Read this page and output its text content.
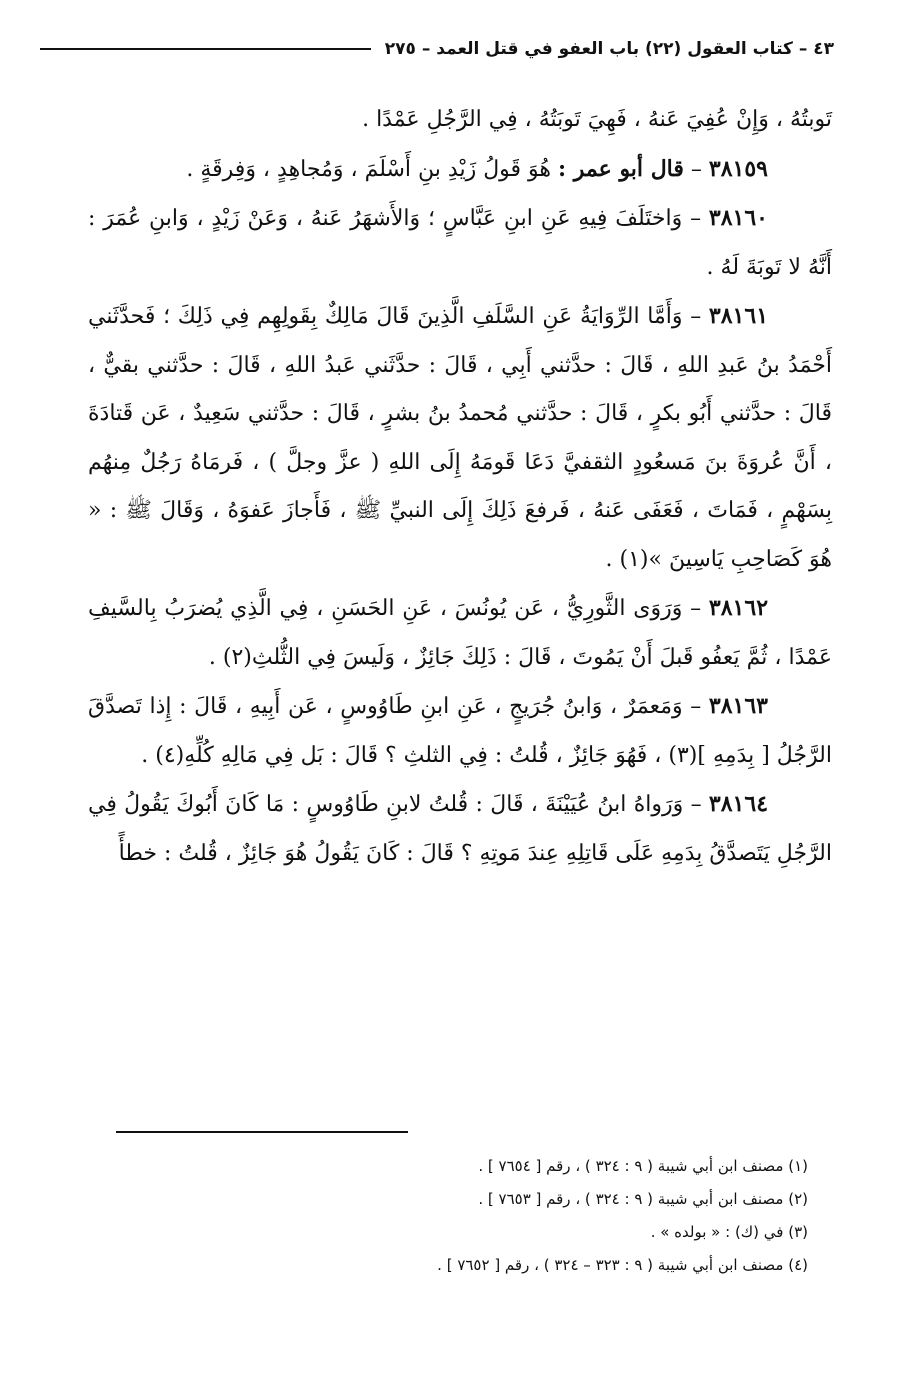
٤٣ – كتاب العقول (٢٢) باب العفو في قتل العمد – ٢٧٥

تَوبتُهُ ، وَإِنْ عُفِيَ عَنهُ ، فَهِيَ تَوبَتُهُ ، فِي الرَّجُلِ عَمْدًا .

٣٨١٥٩ – قال أبو عمر : هُوَ قَولُ زَيْدِ بنِ أَسْلَمَ ، وَمُجاهِدٍ ، وَفِرقَةٍ .

٣٨١٦٠ – وَاختَلَفَ فِيهِ عَنِ ابنِ عَبَّاسٍ ؛ وَالأَشهَرُ عَنهُ ، وَعَنْ زَيْدٍ ، وَابنِ عُمَرَ : أَنَّهُ لا تَوبَةَ لَهُ .

٣٨١٦١ – وَأَمَّا الرِّوَايَةُ عَنِ السَّلَفِ الَّذِينَ قَالَ مَالِكٌ بِقَولِهِم فِي ذَلِكَ ؛ فَحدَّثَني أَحْمَدُ بنُ عَبدِ اللهِ ، قَالَ : حدَّثني أَبِي ، قَالَ : حدَّثَني عَبدُ اللهِ ، قَالَ : حدَّثني بقيٌّ ، قَالَ : حدَّثني أَبُو بكرٍ ، قَالَ : حدَّثني مُحمدُ بنُ بشرٍ ، قَالَ : حدَّثني سَعِيدٌ ، عَن قَتادَةَ ، أَنَّ عُروَةَ بنَ مَسعُودٍ الثقفيَّ دَعَا قَومَهُ إِلَى اللهِ ( عزَّ وجلَّ ) ، فَرمَاهُ رَجُلٌ مِنهُم بِسَهْمٍ ، فَمَاتَ ، فَعَفَى عَنهُ ، فَرفعَ ذَلِكَ إِلَى النبيِّ ﷺ ، فَأَجازَ عَفوَهُ ، وَقَالَ ﷺ : « هُوَ كَصَاحِبِ يَاسِينَ »(١) .

٣٨١٦٢ – وَرَوَى الثَّورِيُّ ، عَن يُونُسَ ، عَنِ الحَسَنِ ، فِي الَّذِي يُضرَبُ بِالسَّيفِ عَمْدًا ، ثُمَّ يَعفُو قَبلَ أَنْ يَمُوتَ ، قَالَ : ذَلِكَ جَائِزٌ ، وَلَيسَ فِي الثُّلثِ(٢) .

٣٨١٦٣ – وَمَعمَرٌ ، وَابنُ جُرَيجٍ ، عَنِ ابنِ طَاوُوسٍ ، عَن أَبِيهِ ، قَالَ : إِذا تَصدَّقَ الرَّجُلُ [ بِدَمِهِ ](٣) ، فَهُوَ جَائِزٌ ، قُلتُ : فِي الثلثِ ؟ قَالَ : بَل فِي مَالِهِ كُلِّهِ(٤) .

٣٨١٦٤ – وَرَواهُ ابنُ عُيَيْنَةَ ، قَالَ : قُلتُ لابنِ طَاوُوسٍ : مَا كَانَ أَبُوكَ يَقُولُ فِي الرَّجُلِ يَتَصدَّقُ بِدَمِهِ عَلَى قَاتِلِهِ عِندَ مَوتِهِ ؟ قَالَ : كَانَ يَقُولُ هُوَ جَائِزٌ ، قُلتُ : خطأً

(١) مصنف ابن أبي شيبة ( ٩ : ٣٢٤ ) ، رقم [ ٧٦٥٤ ] .

(٢) مصنف ابن أبي شيبة ( ٩ : ٣٢٤ ) ، رقم [ ٧٦٥٣ ] .

(٣) في (ك) : « بولده » .

(٤) مصنف ابن أبي شيبة ( ٩ : ٣٢٣ – ٣٢٤ ) ، رقم [ ٧٦٥٢ ] .
